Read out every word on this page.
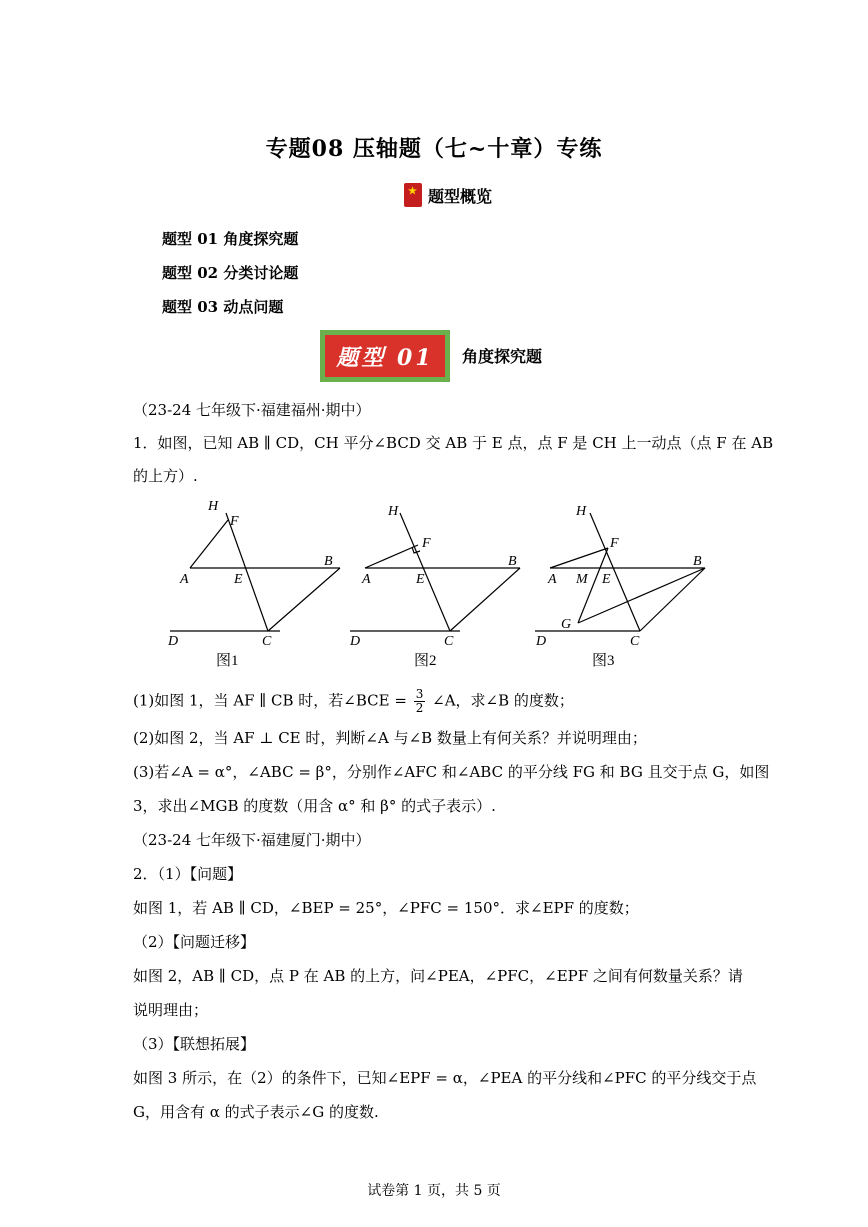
专题08 压轴题（七~十章）专练
★
题型概览
题型 01 角度探究题
题型 02 分类讨论题
题型 03 动点问题
题型 01	角度探究题
（23-24 七年级下·福建福州·期中）
1．如图，已知 AB ∥ CD，CH 平分∠BCD 交 AB 于 E 点，点 F 是 CH 上一动点（点 F 在 AB
的上方）.
H
F
A	E
B
D	C
图1
H
F
A	E
B
D	C
图2
H
F
A M E
B
G
D	C
图3
(1)如图 1，当 AF ∥ CB 时，若∠BCE = $\frac{3}{2}$ ∠A，求∠B 的度数；
(2)如图 2，当 AF ⊥ CE 时，判断∠A 与∠B 数量上有何关系？并说明理由；
(3)若∠A = α°，∠ABC = β°，分别作∠AFC 和∠ABC 的平分线 FG 和 BG 且交于点 G，如图
3，求出∠MGB 的度数（用含 α° 和 β° 的式子表示）.
（23-24 七年级下·福建厦门·期中）
2．（1）【问题】
如图 1，若 AB ∥ CD，∠BEP = 25°，∠PFC = 150°．求∠EPF 的度数；
（2）【问题迁移】
如图 2，AB ∥ CD，点 P 在 AB 的上方，问∠PEA，∠PFC，∠EPF 之间有何数量关系？请
说明理由；
（3）【联想拓展】
如图 3 所示，在（2）的条件下，已知∠EPF = α，∠PEA 的平分线和∠PFC 的平分线交于点
G，用含有 α 的式子表示∠G 的度数.
试卷第 1 页，共 5 页
